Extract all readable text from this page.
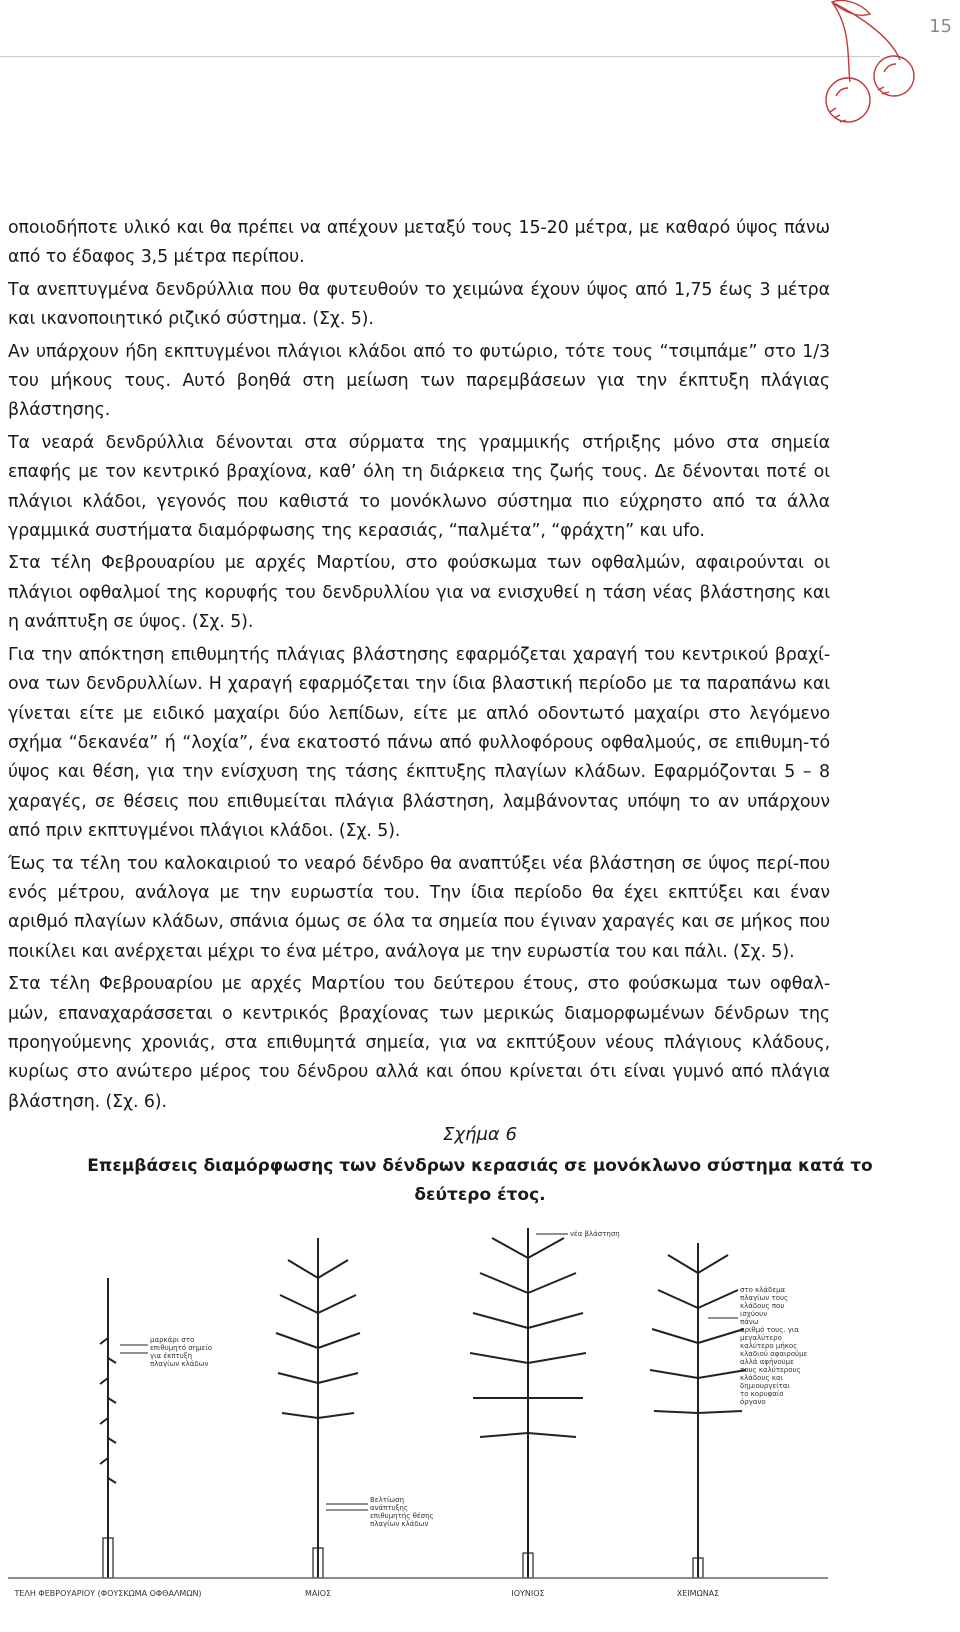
15

οποιοδήποτε υλικό και θα πρέπει να απέχουν μεταξύ τους 15-20 μέτρα, με καθαρό ύψος πάνω από το έδαφος 3,5 μέτρα περίπου.

Τα ανεπτυγμένα δενδρύλλια που θα φυτευθούν το χειμώνα έχουν ύψος από 1,75 έως 3 μέτρα και ικανοποιητικό ριζικό σύστημα. (Σχ. 5).

Αν υπάρχουν ήδη εκπτυγμένοι πλάγιοι κλάδοι από το φυτώριο, τότε τους “τσιμπάμε” στο 1/3 του μήκους τους. Αυτό βοηθά στη μείωση των παρεμβάσεων για την έκπτυξη πλάγιας βλάστησης.

Τα νεαρά δενδρύλλια δένονται στα σύρματα της γραμμικής στήριξης μόνο στα σημεία επαφής με τον κεντρικό βραχίονα, καθ’ όλη τη διάρκεια της ζωής τους. Δε δένονται ποτέ οι πλάγιοι κλάδοι, γεγονός που καθιστά το μονόκλωνο σύστημα πιο εύχρηστο από τα άλλα γραμμικά συστήματα διαμόρφωσης της κερασιάς, “παλμέτα”, “φράχτη” και ufo.

Στα τέλη Φεβρουαρίου με αρχές Μαρτίου, στο φούσκωμα των οφθαλμών, αφαιρούνται οι πλάγιοι οφθαλμοί της κορυφής του δενδρυλλίου για να ενισχυθεί η τάση νέας βλάστησης και η ανάπτυξη σε ύψος. (Σχ. 5).

Για την απόκτηση επιθυμητής πλάγιας βλάστησης εφαρμόζεται χαραγή του κεντρικού βραχί-ονα των δενδρυλλίων. Η χαραγή εφαρμόζεται την ίδια βλαστική περίοδο με τα παραπάνω και γίνεται είτε με ειδικό μαχαίρι δύο λεπίδων, είτε με απλό οδοντωτό μαχαίρι στο λεγόμενο σχήμα “δεκανέα” ή “λοχία”, ένα εκατοστό πάνω από φυλλοφόρους οφθαλμούς, σε επιθυμη-τό ύψος και θέση, για την ενίσχυση της τάσης έκπτυξης πλαγίων κλάδων. Εφαρμόζονται 5 – 8 χαραγές, σε θέσεις που επιθυμείται πλάγια βλάστηση, λαμβάνοντας υπόψη το αν υπάρχουν από πριν εκπτυγμένοι πλάγιοι κλάδοι. (Σχ. 5).

Έως τα τέλη του καλοκαιριού το νεαρό δένδρο θα αναπτύξει νέα βλάστηση σε ύψος περί-που ενός μέτρου, ανάλογα με την ευρωστία του. Την ίδια περίοδο θα έχει εκπτύξει και έναν αριθμό πλαγίων κλάδων, σπάνια όμως σε όλα τα σημεία που έγιναν χαραγές και σε μήκος που ποικίλει και ανέρχεται μέχρι το ένα μέτρο, ανάλογα με την ευρωστία του και πάλι. (Σχ. 5).

Στα τέλη Φεβρουαρίου με αρχές Μαρτίου του δεύτερου έτους, στο φούσκωμα των οφθαλ-μών, επαναχαράσσεται ο κεντρικός βραχίονας των μερικώς διαμορφωμένων δένδρων της προηγούμενης χρονιάς, στα επιθυμητά σημεία, για να εκπτύξουν νέους πλάγιους κλάδους, κυρίως στο ανώτερο μέρος του δένδρου αλλά και όπου κρίνεται ότι είναι γυμνό από πλάγια βλάστηση. (Σχ. 6).

Σχήμα 6
Επεμβάσεις διαμόρφωσης των δένδρων κερασιάς σε μονόκλωνο σύστημα κατά το δεύτερο έτος.
μαρκάρι στο
επιθυμητό σημείο
για έκπτυξη
πλαγίων κλάδων
Βελτίωση
ανάπτυξης
επιθυμητής θέσης
πλαγίων κλάδων
νέα βλάστηση
στο κλάδεμα
πλαγίων τους
κλάδους που
ισχύουν
πάνω
αριθμό τους. για
μεγαλύτερο
καλύτερο μήκος
κλαδιού αφαιρούμε
αλλά αφήνουμε
τους καλύτερους
κλάδους και
δημιουργείται
το κορυφαίο
όργανο
ΤΕΛΗ ΦΕΒΡΟΥΑΡΙΟΥ (ΦΟΥΣΚΩΜΑ ΟΦΘΑΛΜΩΝ)	ΜΑΙΟΣ	ΙΟΥΝΙΟΣ	ΧΕΙΜΩΝΑΣ
